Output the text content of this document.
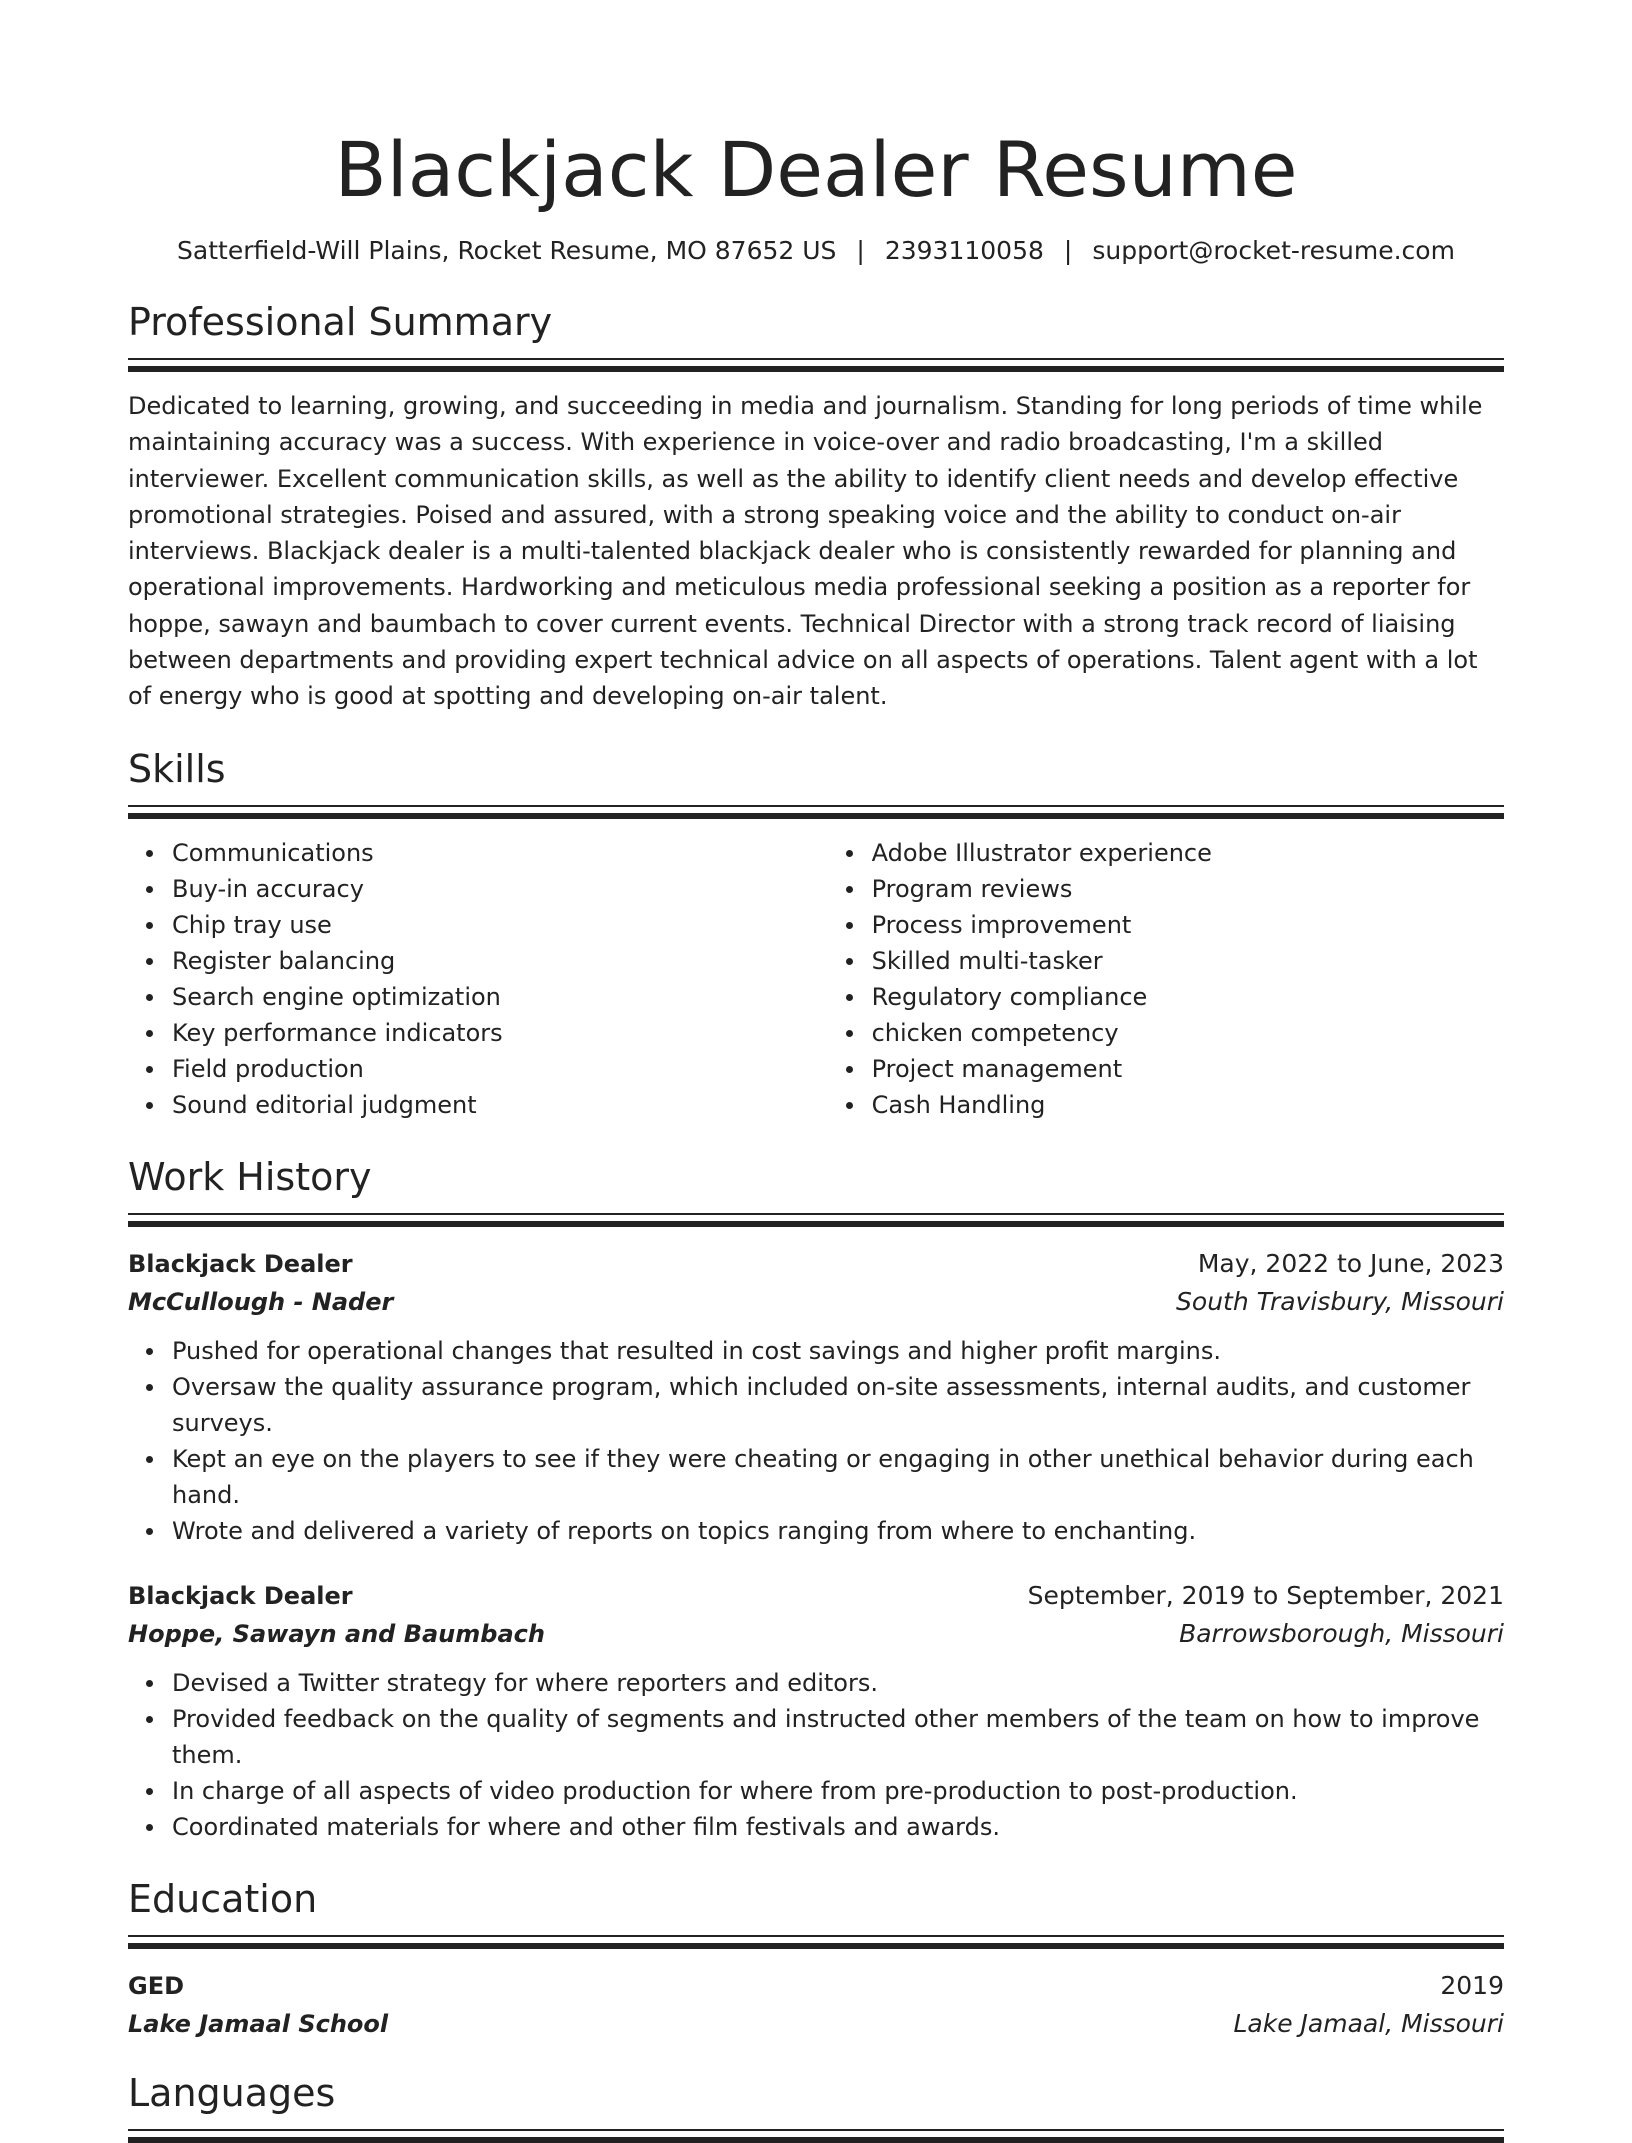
Blackjack Dealer Resume
Satterfield-Will Plains, Rocket Resume, MO 87652 US | 2393110058 | support@rocket-resume.com
Professional Summary
Dedicated to learning, growing, and succeeding in media and journalism. Standing for long periods of time while maintaining accuracy was a success. With experience in voice-over and radio broadcasting, I'm a skilled interviewer. Excellent communication skills, as well as the ability to identify client needs and develop effective promotional strategies. Poised and assured, with a strong speaking voice and the ability to conduct on-air interviews. Blackjack dealer is a multi-talented blackjack dealer who is consistently rewarded for planning and operational improvements. Hardworking and meticulous media professional seeking a position as a reporter for hoppe, sawayn and baumbach to cover current events. Technical Director with a strong track record of liaising between departments and providing expert technical advice on all aspects of operations. Talent agent with a lot of energy who is good at spotting and developing on-air talent.
Skills
Communications
Buy-in accuracy
Chip tray use
Register balancing
Search engine optimization
Key performance indicators
Field production
Sound editorial judgment
Adobe Illustrator experience
Program reviews
Process improvement
Skilled multi-tasker
Regulatory compliance
chicken competency
Project management
Cash Handling
Work History
Blackjack Dealer	May, 2022 to June, 2023
McCullough - Nader	South Travisbury, Missouri
Pushed for operational changes that resulted in cost savings and higher profit margins.
Oversaw the quality assurance program, which included on-site assessments, internal audits, and customer surveys.
Kept an eye on the players to see if they were cheating or engaging in other unethical behavior during each hand.
Wrote and delivered a variety of reports on topics ranging from where to enchanting.
Blackjack Dealer	September, 2019 to September, 2021
Hoppe, Sawayn and Baumbach	Barrowsborough, Missouri
Devised a Twitter strategy for where reporters and editors.
Provided feedback on the quality of segments and instructed other members of the team on how to improve them.
In charge of all aspects of video production for where from pre-production to post-production.
Coordinated materials for where and other film festivals and awards.
Education
GED	2019
Lake Jamaal School	Lake Jamaal, Missouri
Languages
